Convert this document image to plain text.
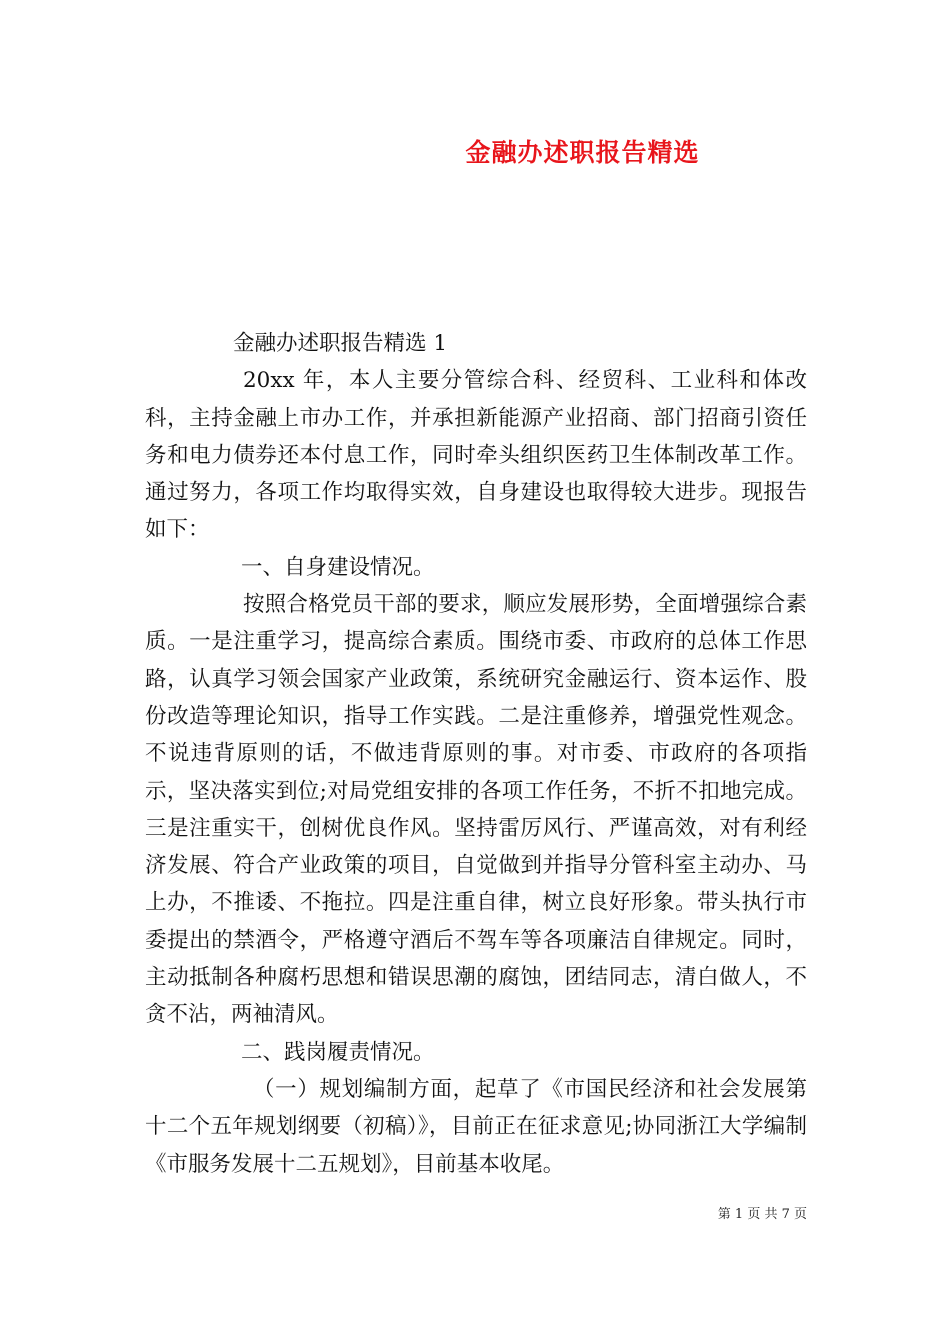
金融办述职报告精选

金融办述职报告精选 1

20xx 年，本人主要分管综合科、经贸科、工业科和体改科，主持金融上市办工作，并承担新能源产业招商、部门招商引资任务和电力债券还本付息工作，同时牵头组织医药卫生体制改革工作。通过努力，各项工作均取得实效，自身建设也取得较大进步。现报告如下：

一、自身建设情况。

按照合格党员干部的要求，顺应发展形势，全面增强综合素质。一是注重学习，提高综合素质。围绕市委、市政府的总体工作思路，认真学习领会国家产业政策，系统研究金融运行、资本运作、股份改造等理论知识，指导工作实践。二是注重修养，增强党性观念。不说违背原则的话，不做违背原则的事。对市委、市政府的各项指示，坚决落实到位;对局党组安排的各项工作任务，不折不扣地完成。三是注重实干，创树优良作风。坚持雷厉风行、严谨高效，对有利经济发展、符合产业政策的项目，自觉做到并指导分管科室主动办、马上办，不推诿、不拖拉。四是注重自律，树立良好形象。带头执行市委提出的禁酒令，严格遵守酒后不驾车等各项廉洁自律规定。同时，主动抵制各种腐朽思想和错误思潮的腐蚀，团结同志，清白做人，不贪不沾，两袖清风。

二、践岗履责情况。

（一）规划编制方面，起草了《市国民经济和社会发展第十二个五年规划纲要（初稿）》，目前正在征求意见;协同浙江大学编制《市服务发展十二五规划》，目前基本收尾。

第 1 页 共 7 页
